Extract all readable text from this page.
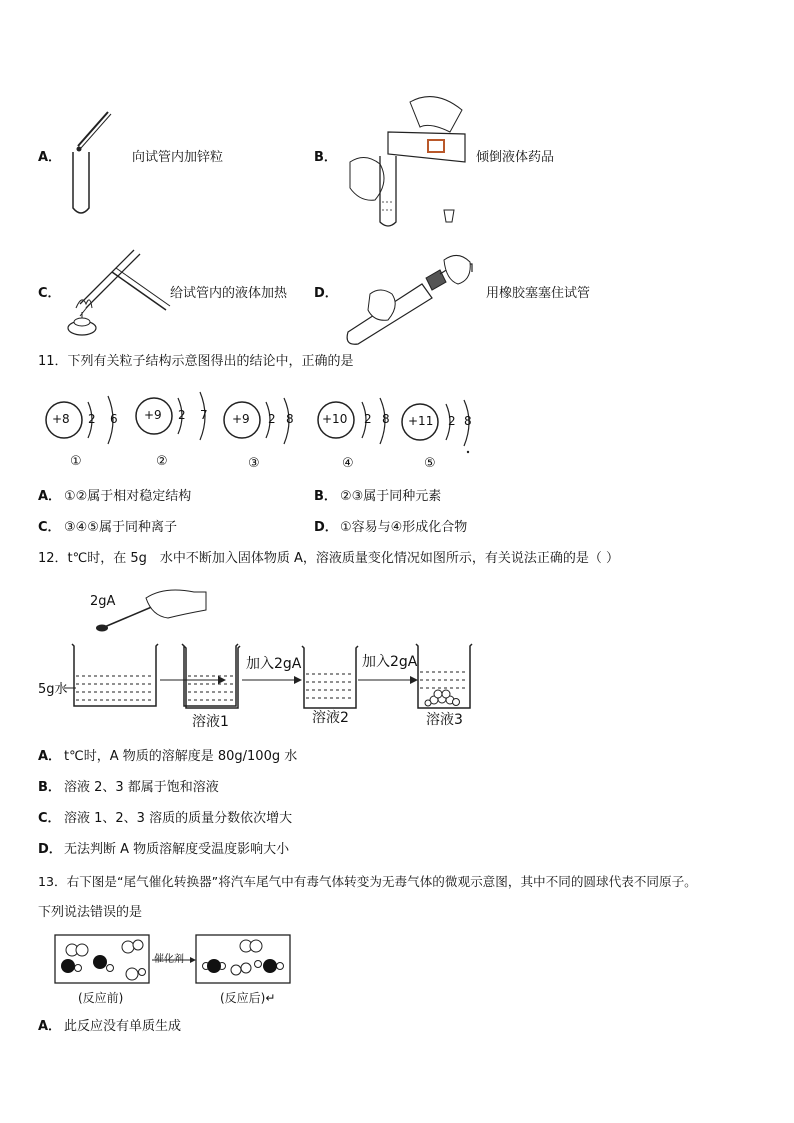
A．	向试管内加锌粒	B．	倾倒液体药品
C．	给试管内的液体加热 D．	用橡胶塞塞住试管
11．下列有关粒子结构示意图得出的结论中，正确的是
+8 2 6
①
+9 2 7
②
+9 2 8
③
+10 2 8
④
+11 2 8
⑤
A． ①②属于相对稳定结构	B． ②③属于同种元素
C． ③④⑤属于同种离子	D． ①容易与④形成化合物
12．t℃时，在 5g　水中不断加入固体物质 A，溶液质量变化情况如图所示，有关说法正确的是（ ）
2gA
5g水
加入2gA	加入2gA
溶液1	溶液2	溶液3
A． t℃时，A 物质的溶解度是 80g/100g 水
B． 溶液 2、3 都属于饱和溶液
C． 溶液 1、2、3 溶质的质量分数依次增大
D． 无法判断 A 物质溶解度受温度影响大小
13．右下图是“尾气催化转换器”将汽车尾气中有毒气体转变为无毒气体的微观示意图，其中不同的圆球代表不同原子。
下列说法错误的是
催化剂
(反应前)	(反应后)↵
A． 此反应没有单质生成
